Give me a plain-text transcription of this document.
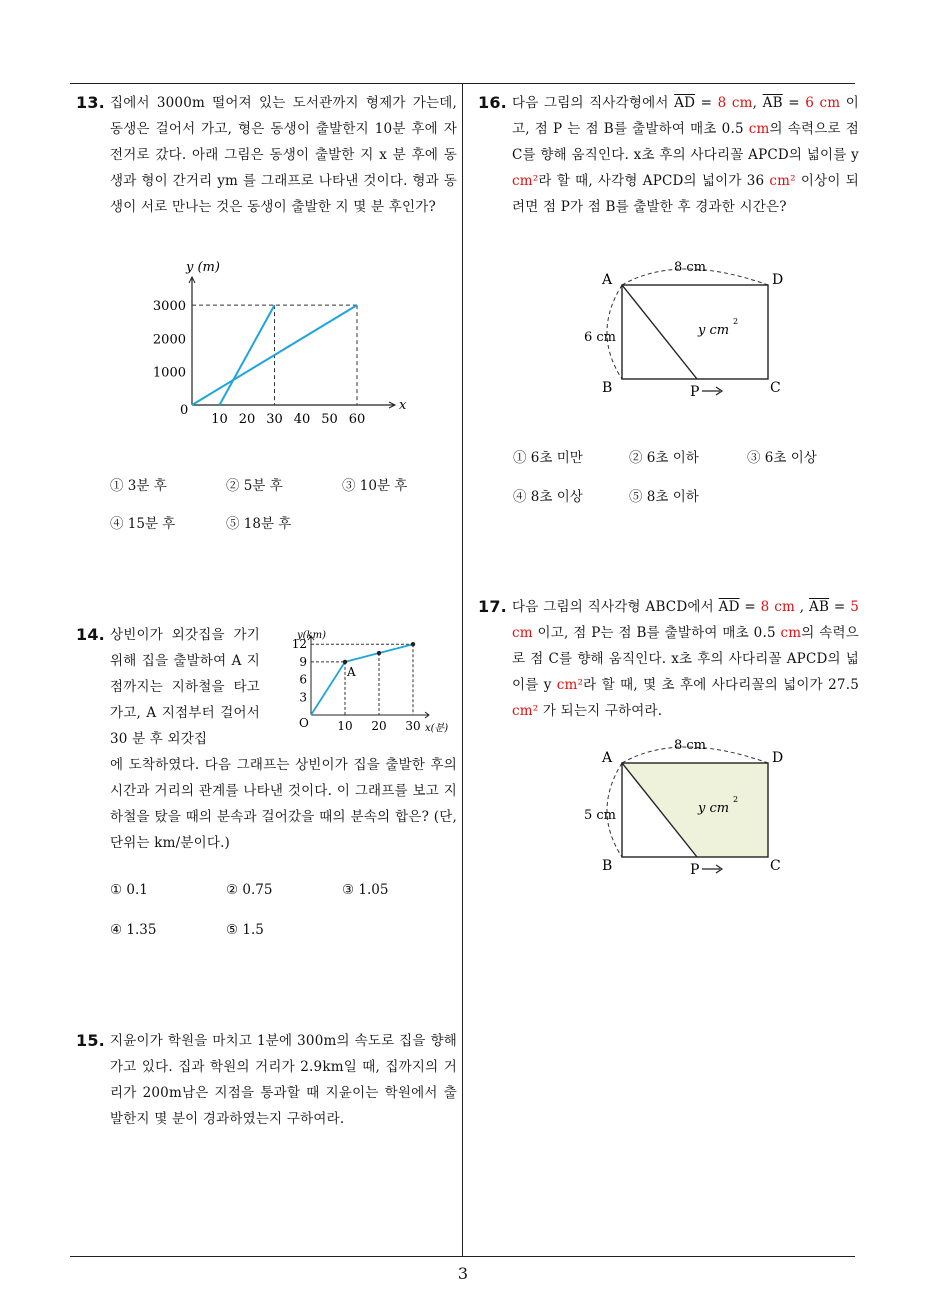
13. 집에서 3000m 떨어져 있는 도서관까지 형제가 가는데, 동생은 걸어서 가고, 형은 동생이 출발한지 10분 후에 자전거로 갔다. 아래 그림은 동생이 출발한 지 x 분 후에 동생과 형이 간거리 ym 를 그래프로 나타낸 것이다. 형과 동생이 서로 만나는 것은 동생이 출발한 지 몇 분 후인가?
y (m)
x
0
10 20 30 40 50 60
1000
2000
3000
① 3분 후	② 5분 후	③ 10분 후
④ 15분 후	⑤ 18분 후
14. 상빈이가 외갓집을 가기 위해 집을 출발하여 A 지점까지는 지하철을 타고 가고, A 지점부터 걸어서 30 분 후 외갓집
에 도착하였다. 다음 그래프는 상빈이가 집을 출발한 후의 시간과 거리의 관계를 나타낸 것이다. 이 그래프를 보고 지하철을 탔을 때의 분속과 걸어갔을 때의 분속의 합은? (단, 단위는 km/분이다.)
y(km)
x(분)
O 10 20 30
3
6
9
12
A
① 0.1	② 0.75	③ 1.05
④ 1.35	⑤ 1.5
15. 지윤이가 학원을 마치고 1분에 300m의 속도로 집을 향해 가고 있다. 집과 학원의 거리가 2.9km일 때, 집까지의 거리가 200m남은 지점을 통과할 때 지윤이는 학원에서 출발한지 몇 분이 경과하였는지 구하여라.
16. 다음 그림의 직사각형에서 $\overline{AD} = 8$ cm, $\overline{AB} = 6$ cm 이고, 점 P 는 점 B를 출발하여 매초 0.5 cm의 속력으로 점 C를 향해 움직인다. x초 후의 사다리꼴 APCD의 넓이를 y cm²라 할 때, 사각형 APCD의 넓이가 36 cm² 이상이 되려면 점 P가 점 B를 출발한 후 경과한 시간은?
A	D
B	C
P
8 cm
6 cm	y cm
2
① 6초 미만	② 6초 이하	③ 6초 이상
④ 8초 이상	⑤ 8초 이하
17. 다음 그림의 직사각형 ABCD에서 $\overline{AD} = 8$ cm , $\overline{AB} = 5$ cm 이고, 점 P는 점 B를 출발하여 매초 0.5 cm의 속력으로 점 C를 향해 움직인다. x초 후의 사다리꼴 APCD의 넓이를 y cm²라 할 때, 몇 초 후에 사다리꼴의 넓이가 27.5 cm² 가 되는지 구하여라.
A	D
B	C
P
8 cm
5 cm	y cm
2
3
